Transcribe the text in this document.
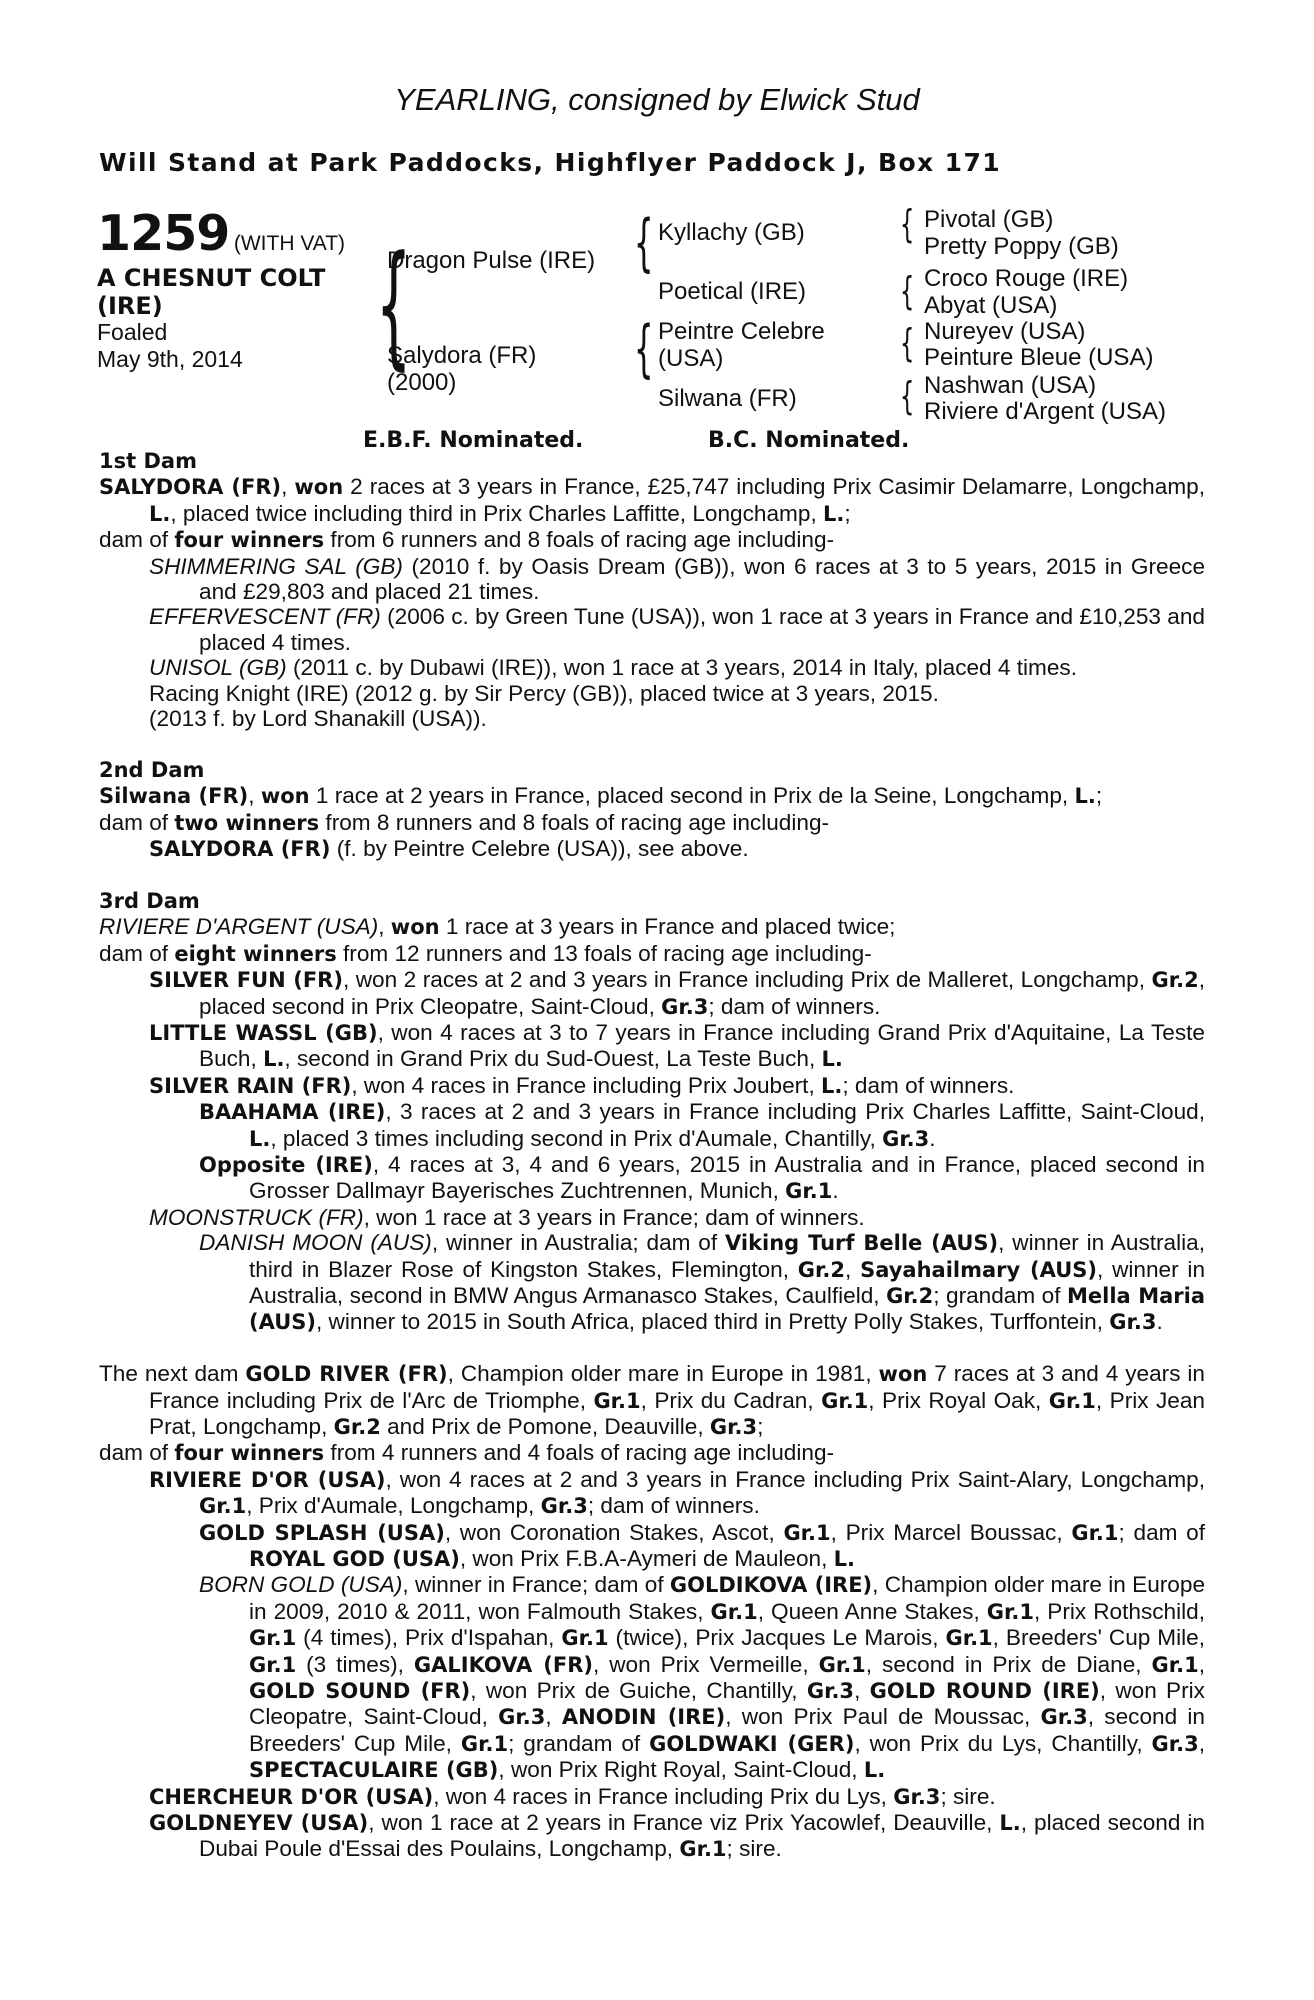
YEARLING, consigned by Elwick Stud
Will Stand at Park Paddocks, Highflyer Paddock J, Box 171
1259 (WITH VAT)
A CHESNUT COLT
(IRE)
Foaled
May 9th, 2014 {	{
{
{
{
{
{
Dragon Pulse (IRE)
Salydora (FR)
(2000)
Kyllachy (GB)
Poetical (IRE)
Peintre Celebre
(USA)
Silwana (FR)
Pivotal (GB)
Pretty Poppy (GB)
Croco Rouge (IRE)
Abyat (USA)
Nureyev (USA)
Peinture Bleue (USA)
Nashwan (USA)
Riviere d'Argent (USA)
E.B.F. Nominated.	B.C. Nominated.

1st Dam

SALYDORA (FR), won 2 races at 3 years in France, £25,747 including Prix Casimir Delamarre, Longchamp, L., placed twice including third in Prix Charles Laffitte, Longchamp, L.;

dam of four winners from 6 runners and 8 foals of racing age including-

SHIMMERING SAL (GB) (2010 f. by Oasis Dream (GB)), won 6 races at 3 to 5 years, 2015 in Greece and £29,803 and placed 21 times.

EFFERVESCENT (FR) (2006 c. by Green Tune (USA)), won 1 race at 3 years in France and £10,253 and placed 4 times.

UNISOL (GB) (2011 c. by Dubawi (IRE)), won 1 race at 3 years, 2014 in Italy, placed 4 times.

Racing Knight (IRE) (2012 g. by Sir Percy (GB)), placed twice at 3 years, 2015.

(2013 f. by Lord Shanakill (USA)).

2nd Dam

Silwana (FR), won 1 race at 2 years in France, placed second in Prix de la Seine, Longchamp, L.;

dam of two winners from 8 runners and 8 foals of racing age including-

SALYDORA (FR) (f. by Peintre Celebre (USA)), see above.

3rd Dam

RIVIERE D'ARGENT (USA), won 1 race at 3 years in France and placed twice;

dam of eight winners from 12 runners and 13 foals of racing age including-

SILVER FUN (FR), won 2 races at 2 and 3 years in France including Prix de Malleret, Longchamp, Gr.2, placed second in Prix Cleopatre, Saint-Cloud, Gr.3; dam of winners.

LITTLE WASSL (GB), won 4 races at 3 to 7 years in France including Grand Prix d'Aquitaine, La Teste Buch, L., second in Grand Prix du Sud-Ouest, La Teste Buch, L.

SILVER RAIN (FR), won 4 races in France including Prix Joubert, L.; dam of winners.

BAAHAMA (IRE), 3 races at 2 and 3 years in France including Prix Charles Laffitte, Saint-Cloud, L., placed 3 times including second in Prix d'Aumale, Chantilly, Gr.3.

Opposite (IRE), 4 races at 3, 4 and 6 years, 2015 in Australia and in France, placed second in Grosser Dallmayr Bayerisches Zuchtrennen, Munich, Gr.1.

MOONSTRUCK (FR), won 1 race at 3 years in France; dam of winners.

DANISH MOON (AUS), winner in Australia; dam of Viking Turf Belle (AUS), winner in Australia, third in Blazer Rose of Kingston Stakes, Flemington, Gr.2, Sayahailmary (AUS), winner in Australia, second in BMW Angus Armanasco Stakes, Caulfield, Gr.2; grandam of Mella Maria (AUS), winner to 2015 in South Africa, placed third in Pretty Polly Stakes, Turffontein, Gr.3.

The next dam GOLD RIVER (FR), Champion older mare in Europe in 1981, won 7 races at 3 and 4 years in France including Prix de l'Arc de Triomphe, Gr.1, Prix du Cadran, Gr.1, Prix Royal Oak, Gr.1, Prix Jean Prat, Longchamp, Gr.2 and Prix de Pomone, Deauville, Gr.3;

dam of four winners from 4 runners and 4 foals of racing age including-

RIVIERE D'OR (USA), won 4 races at 2 and 3 years in France including Prix Saint-Alary, Longchamp, Gr.1, Prix d'Aumale, Longchamp, Gr.3; dam of winners.

GOLD SPLASH (USA), won Coronation Stakes, Ascot, Gr.1, Prix Marcel Boussac, Gr.1; dam of ROYAL GOD (USA), won Prix F.B.A-Aymeri de Mauleon, L.

BORN GOLD (USA), winner in France; dam of GOLDIKOVA (IRE), Champion older mare in Europe in 2009, 2010 & 2011, won Falmouth Stakes, Gr.1, Queen Anne Stakes, Gr.1, Prix Rothschild, Gr.1 (4 times), Prix d'Ispahan, Gr.1 (twice), Prix Jacques Le Marois, Gr.1, Breeders' Cup Mile, Gr.1 (3 times), GALIKOVA (FR), won Prix Vermeille, Gr.1, second in Prix de Diane, Gr.1, GOLD SOUND (FR), won Prix de Guiche, Chantilly, Gr.3, GOLD ROUND (IRE), won Prix Cleopatre, Saint-Cloud, Gr.3, ANODIN (IRE), won Prix Paul de Moussac, Gr.3, second in Breeders' Cup Mile, Gr.1; grandam of GOLDWAKI (GER), won Prix du Lys, Chantilly, Gr.3, SPECTACULAIRE (GB), won Prix Right Royal, Saint-Cloud, L.

CHERCHEUR D'OR (USA), won 4 races in France including Prix du Lys, Gr.3; sire.

GOLDNEYEV (USA), won 1 race at 2 years in France viz Prix Yacowlef, Deauville, L., placed second in Dubai Poule d'Essai des Poulains, Longchamp, Gr.1; sire.
